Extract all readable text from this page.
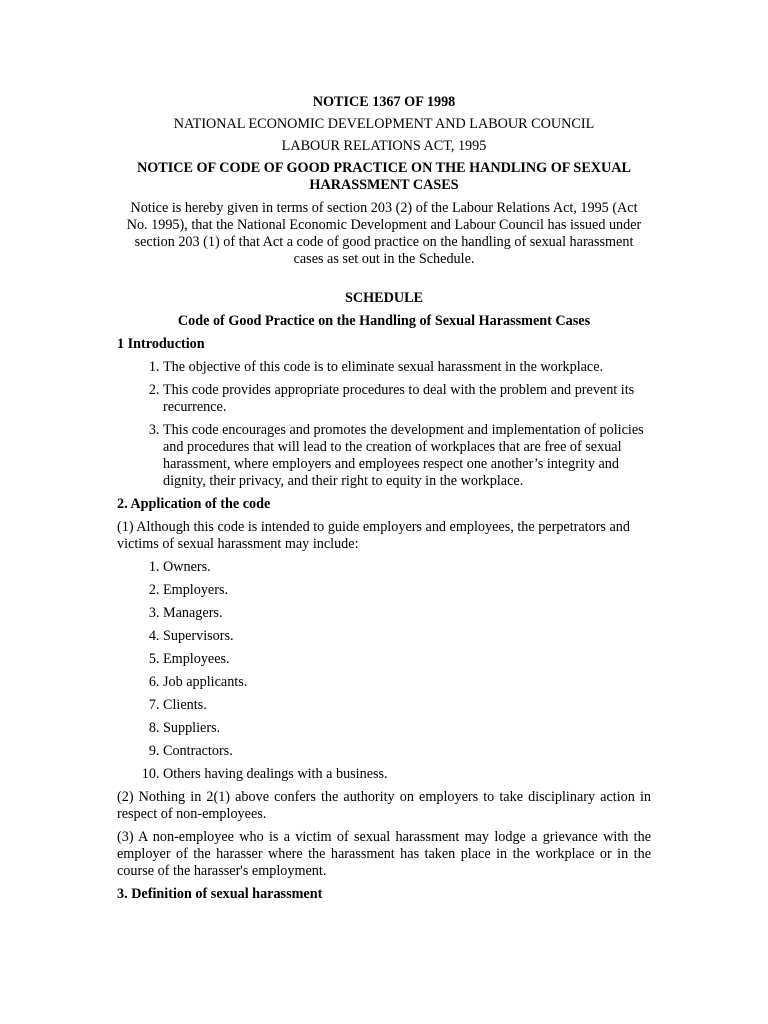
NOTICE 1367 OF 1998
NATIONAL ECONOMIC DEVELOPMENT AND LABOUR COUNCIL
LABOUR RELATIONS ACT, 1995
NOTICE OF CODE OF GOOD PRACTICE ON THE HANDLING OF SEXUAL HARASSMENT CASES
Notice is hereby given in terms of section 203 (2) of the Labour Relations Act, 1995 (Act No. 1995), that the National Economic Development and Labour Council has issued under section 203 (1) of that Act a code of good practice on the handling of sexual harassment cases as set out in the Schedule.
SCHEDULE
Code of Good Practice on the Handling of Sexual Harassment Cases
1 Introduction
1. The objective of this code is to eliminate sexual harassment in the workplace.
2. This code provides appropriate procedures to deal with the problem and prevent its recurrence.
3. This code encourages and promotes the development and implementation of policies and procedures that will lead to the creation of workplaces that are free of sexual harassment, where employers and employees respect one another’s integrity and dignity, their privacy, and their right to equity in the workplace.
2. Application of the code
(1) Although this code is intended to guide employers and employees, the perpetrators and victims of sexual harassment may include:
1. Owners.
2. Employers.
3. Managers.
4. Supervisors.
5. Employees.
6. Job applicants.
7. Clients.
8. Suppliers.
9. Contractors.
10. Others having dealings with a business.
(2) Nothing in 2(1) above confers the authority on employers to take disciplinary action in respect of non-employees.
(3) A non-employee who is a victim of sexual harassment may lodge a grievance with the employer of the harasser where the harassment has taken place in the workplace or in the course of the harasser's employment.
3. Definition of sexual harassment
